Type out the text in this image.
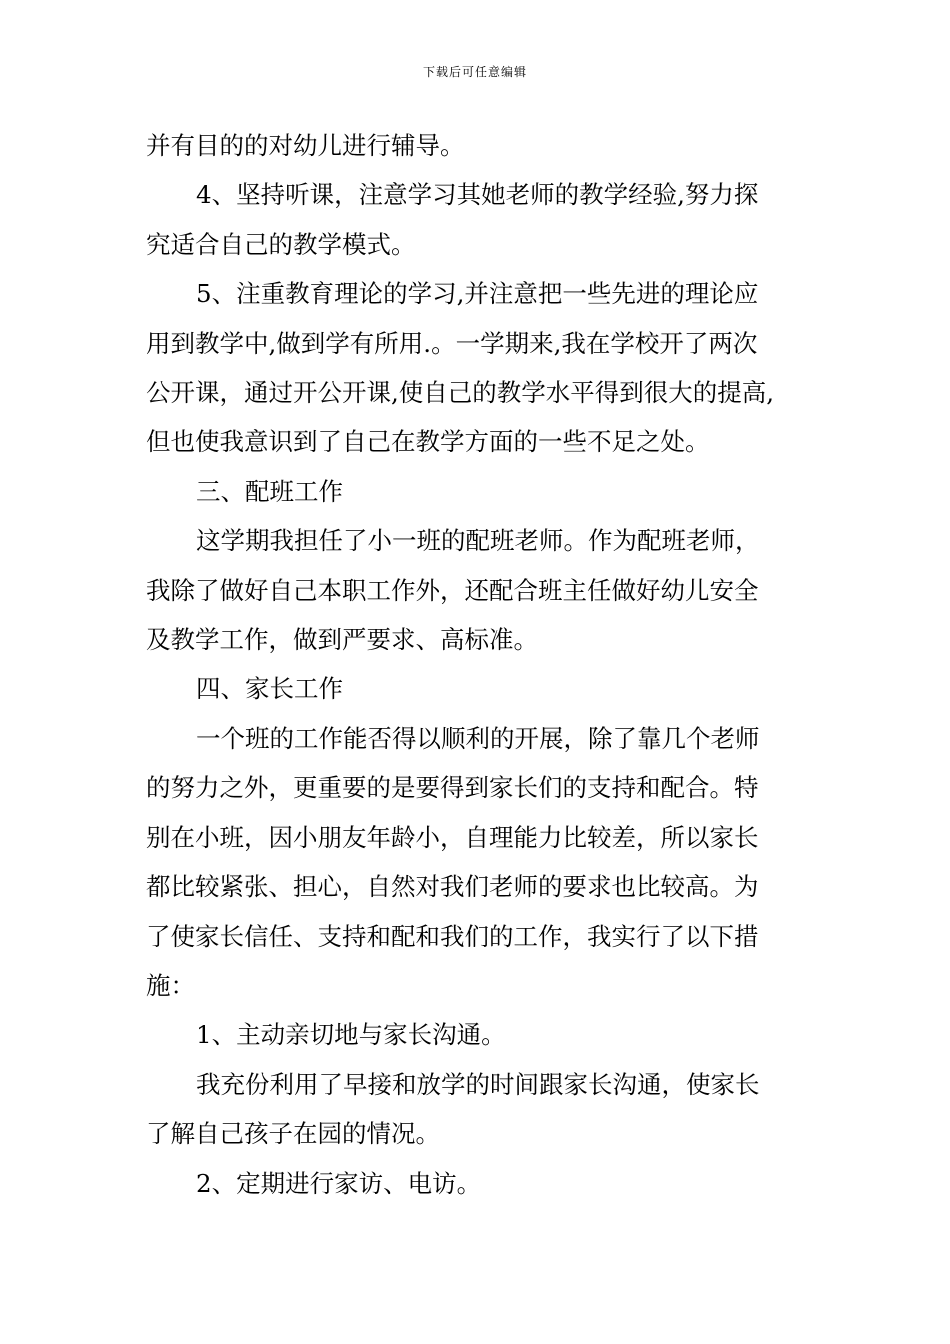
下载后可任意编辑
并有目的的对幼儿进行辅导。
4、坚持听课，注意学习其她老师的教学经验,努力探
究适合自己的教学模式。
5、注重教育理论的学习,并注意把一些先进的理论应
用到教学中,做到学有所用.。一学期来,我在学校开了两次
公开课，通过开公开课,使自己的教学水平得到很大的提高,
但也使我意识到了自己在教学方面的一些不足之处。
三、配班工作
这学期我担任了小一班的配班老师。作为配班老师，
我除了做好自己本职工作外，还配合班主任做好幼儿安全
及教学工作，做到严要求、高标准。
四、家长工作
一个班的工作能否得以顺利的开展，除了靠几个老师
的努力之外，更重要的是要得到家长们的支持和配合。特
别在小班，因小朋友年龄小，自理能力比较差，所以家长
都比较紧张、担心，自然对我们老师的要求也比较高。为
了使家长信任、支持和配和我们的工作，我实行了以下措
施：
1、主动亲切地与家长沟通。
我充份利用了早接和放学的时间跟家长沟通，使家长
了解自己孩子在园的情况。
2、定期进行家访、电访。
